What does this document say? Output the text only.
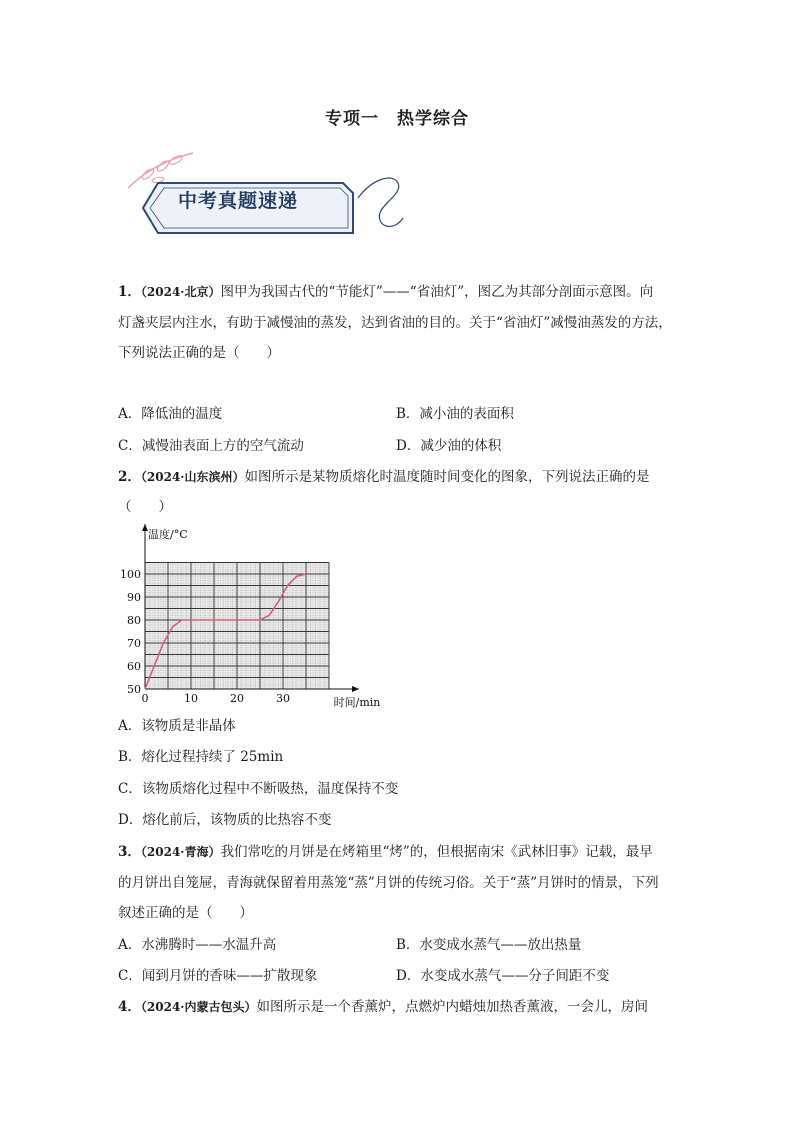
专项一　热学综合
中考真题速递
1．（2024·北京）图甲为我国古代的“节能灯”——“省油灯”，图乙为其部分剖面示意图。向
灯盏夹层内注水，有助于减慢油的蒸发，达到省油的目的。关于“省油灯”减慢油蒸发的方法，
下列说法正确的是（　　）
A．降低油的温度	B．减小油的表面积
C．减慢油表面上方的空气流动	D．减少油的体积
2．（2024·山东滨州）如图所示是某物质熔化时温度随时间变化的图象，下列说法正确的是
（　　）
0	10	20	30
50
60
70
80
90
100
温度/°C
时间/min
A．该物质是非晶体
B．熔化过程持续了 25min
C．该物质熔化过程中不断吸热，温度保持不变
D．熔化前后，该物质的比热容不变
3．（2024·青海）我们常吃的月饼是在烤箱里“烤”的，但根据南宋《武林旧事》记载，最早
的月饼出自笼屉，青海就保留着用蒸笼“蒸”月饼的传统习俗。关于“蒸”月饼时的情景，下列
叙述正确的是（　　）
A．水沸腾时——水温升高	B．水变成水蒸气——放出热量
C．闻到月饼的香味——扩散现象	D．水变成水蒸气——分子间距不变
4．（2024·内蒙古包头）如图所示是一个香薰炉，点燃炉内蜡烛加热香薰液，一会儿，房间
